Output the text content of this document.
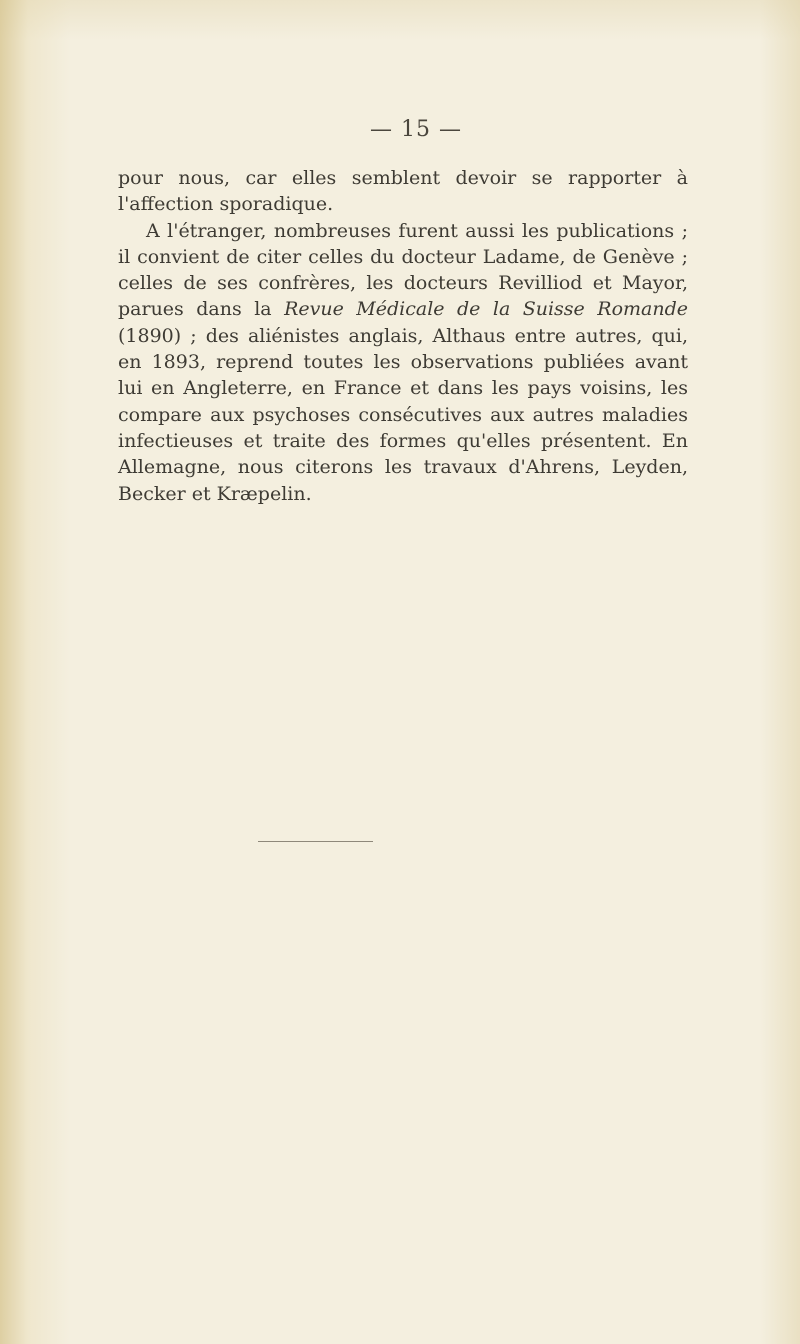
— 15 —

pour nous, car elles semblent devoir se rapporter à l'affection sporadique.

A l'étranger, nombreuses furent aussi les publications ; il convient de citer celles du docteur Ladame, de Genève ; celles de ses confrères, les docteurs Revilliod et Mayor, parues dans la Revue Médicale de la Suisse Romande (1890) ; des aliénistes anglais, Althaus entre autres, qui, en 1893, reprend toutes les observations publiées avant lui en Angleterre, en France et dans les pays voisins, les compare aux psychoses consécutives aux autres maladies infectieuses et traite des formes qu'elles présentent. En Allemagne, nous citerons les travaux d'Ahrens, Leyden, Becker et Kræpelin.
